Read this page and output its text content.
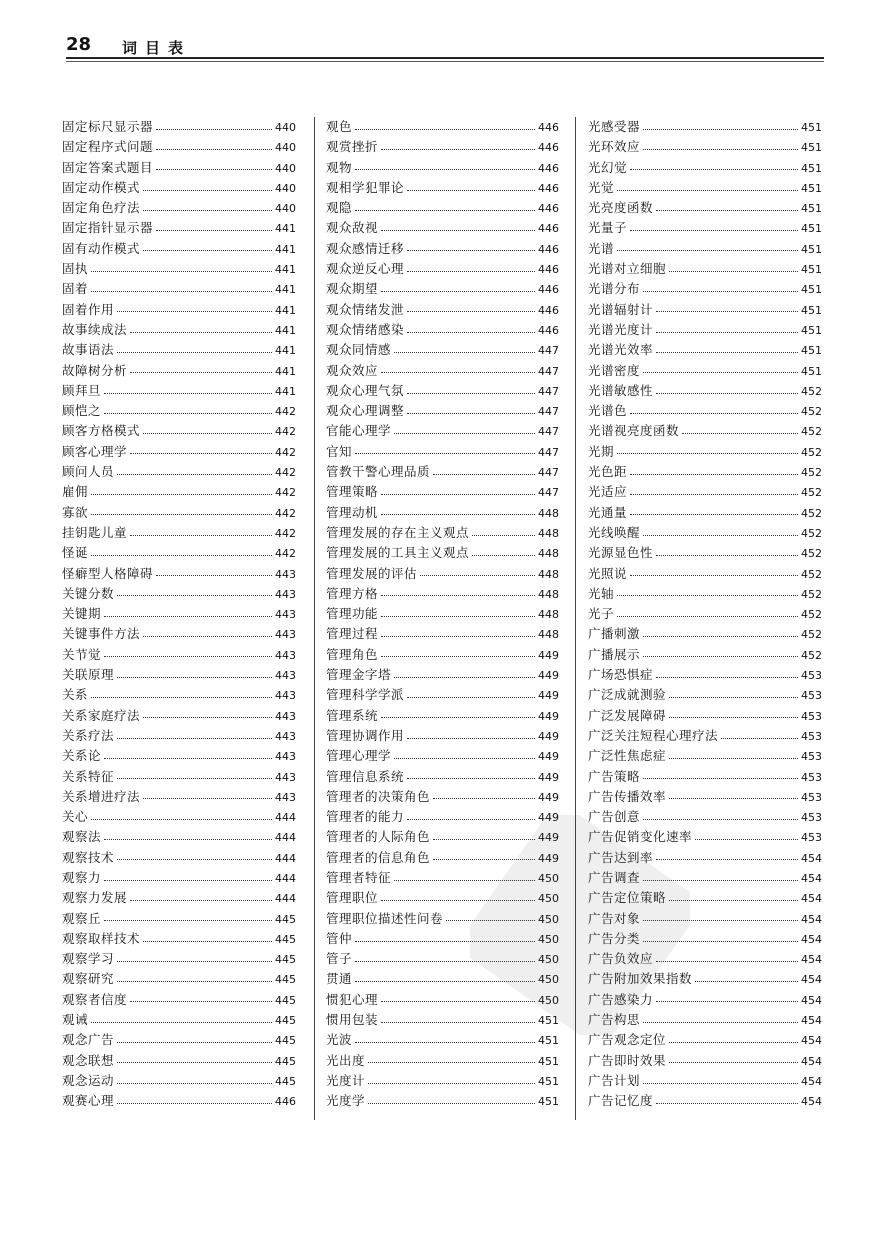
28 词目表
固定标尺显示器	440
固定程序式问题	440
固定答案式题目	440
固定动作模式	440
固定角色疗法	440
固定指针显示器	441
固有动作模式	441
固执	441
固着	441
固着作用	441
故事续成法	441
故事语法	441
故障树分析	441
顾拜旦	441
顾恺之	442
顾客方格模式	442
顾客心理学	442
顾问人员	442
雇佣	442
寡欲	442
挂钥匙儿童	442
怪诞	442
怪癖型人格障碍	443
关键分数	443
关键期	443
关键事件方法	443
关节觉	443
关联原理	443
关系	443
关系家庭疗法	443
关系疗法	443
关系论	443
关系特征	443
关系增进疗法	443
关心	444
观察法	444
观察技术	444
观察力	444
观察力发展	444
观察丘	445
观察取样技术	445
观察学习	445
观察研究	445
观察者信度	445
观诫	445
观念广告	445
观念联想	445
观念运动	445
观赛心理	446
观色	446
观赏挫折	446
观物	446
观相学犯罪论	446
观隐	446
观众敌视	446
观众感情迁移	446
观众逆反心理	446
观众期望	446
观众情绪发泄	446
观众情绪感染	446
观众同情感	447
观众效应	447
观众心理气氛	447
观众心理调整	447
官能心理学	447
官知	447
管教干警心理品质	447
管理策略	447
管理动机	448
管理发展的存在主义观点	448
管理发展的工具主义观点	448
管理发展的评估	448
管理方格	448
管理功能	448
管理过程	448
管理角色	449
管理金字塔	449
管理科学学派	449
管理系统	449
管理协调作用	449
管理心理学	449
管理信息系统	449
管理者的决策角色	449
管理者的能力	449
管理者的人际角色	449
管理者的信息角色	449
管理者特征	450
管理职位	450
管理职位描述性问卷	450
管仲	450
管子	450
贯通	450
惯犯心理	450
惯用包装	451
光波	451
光出度	451
光度计	451
光度学	451
光感受器	451
光环效应	451
光幻觉	451
光觉	451
光亮度函数	451
光量子	451
光谱	451
光谱对立细胞	451
光谱分布	451
光谱辐射计	451
光谱光度计	451
光谱光效率	451
光谱密度	451
光谱敏感性	452
光谱色	452
光谱视亮度函数	452
光期	452
光色距	452
光适应	452
光通量	452
光线唤醒	452
光源显色性	452
光照说	452
光轴	452
光子	452
广播刺激	452
广播展示	452
广场恐惧症	453
广泛成就测验	453
广泛发展障碍	453
广泛关注短程心理疗法	453
广泛性焦虑症	453
广告策略	453
广告传播效率	453
广告创意	453
广告促销变化速率	453
广告达到率	454
广告调查	454
广告定位策略	454
广告对象	454
广告分类	454
广告负效应	454
广告附加效果指数	454
广告感染力	454
广告构思	454
广告观念定位	454
广告即时效果	454
广告计划	454
广告记忆度	454
